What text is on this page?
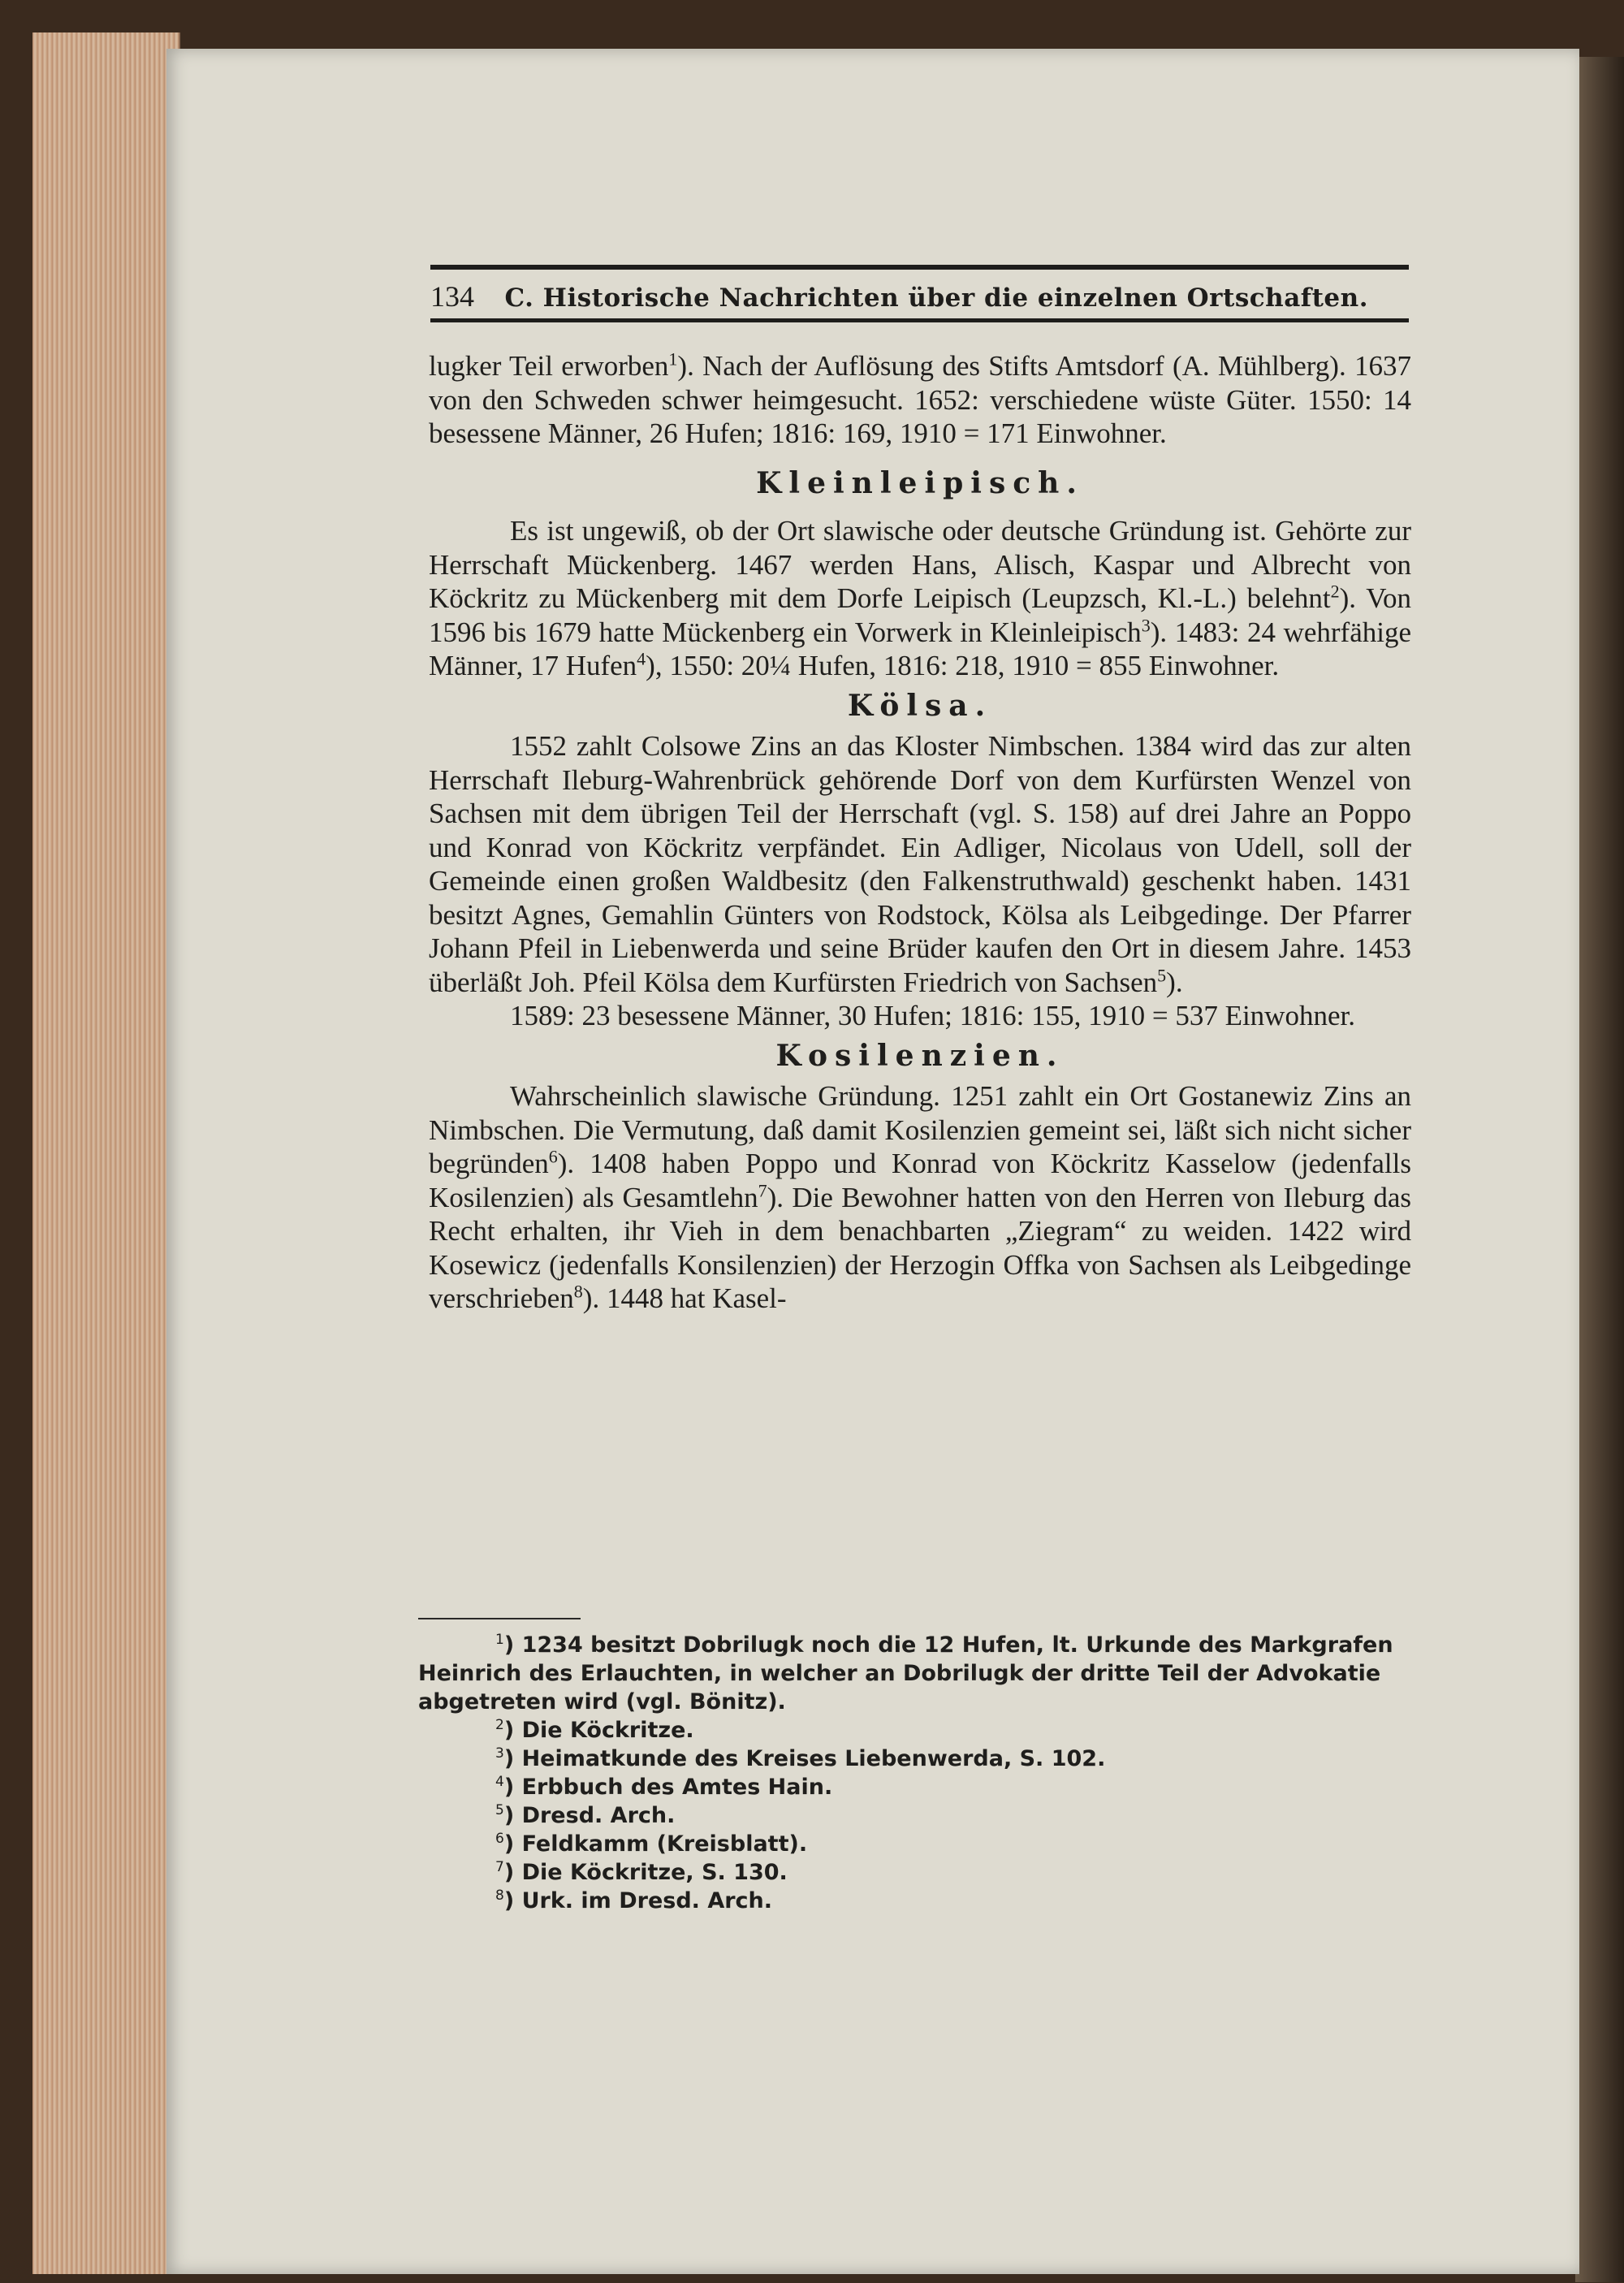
134 C. Historische Nachrichten über die einzelnen Ortschaften.

lugker Teil erworben$^1$). Nach der Auflösung des Stifts Amtsdorf (A. Mühlberg). 1637 von den Schweden schwer heimgesucht. 1652: verschiedene wüste Güter. 1550: 14 besessene Männer, 26 Hufen; 1816: 169, 1910 = 171 Einwohner.

Kleinleipisch.

Es ist ungewiß, ob der Ort slawische oder deutsche Gründung ist. Gehörte zur Herrschaft Mückenberg. 1467 werden Hans, Alisch, Kaspar und Albrecht von Köckritz zu Mückenberg mit dem Dorfe Leipisch (Leupzsch, Kl.-L.) belehnt$^2$). Von 1596 bis 1679 hatte Mückenberg ein Vorwerk in Kleinleipisch$^3$). 1483: 24 wehrfähige Männer, 17 Hufen$^4$), 1550: 20¼ Hufen, 1816: 218, 1910 = 855 Einwohner.

Kölsa.

1552 zahlt Colsowe Zins an das Kloster Nimbschen. 1384 wird das zur alten Herrschaft Ileburg-Wahrenbrück gehörende Dorf von dem Kurfürsten Wenzel von Sachsen mit dem übrigen Teil der Herrschaft (vgl. S. 158) auf drei Jahre an Poppo und Konrad von Köckritz verpfändet. Ein Adliger, Nicolaus von Udell, soll der Gemeinde einen großen Waldbesitz (den Falkenstruthwald) geschenkt haben. 1431 besitzt Agnes, Gemahlin Günters von Rodstock, Kölsa als Leibgedinge. Der Pfarrer Johann Pfeil in Liebenwerda und seine Brüder kaufen den Ort in diesem Jahre. 1453 überläßt Joh. Pfeil Kölsa dem Kurfürsten Friedrich von Sachsen$^5$).

1589: 23 besessene Männer, 30 Hufen; 1816: 155, 1910 = 537 Einwohner.

Kosilenzien.

Wahrscheinlich slawische Gründung. 1251 zahlt ein Ort Gostanewiz Zins an Nimbschen. Die Vermutung, daß damit Kosilenzien gemeint sei, läßt sich nicht sicher begründen$^6$). 1408 haben Poppo und Konrad von Köckritz Kasselow (jedenfalls Kosilenzien) als Gesamtlehn$^7$). Die Bewohner hatten von den Herren von Ileburg das Recht erhalten, ihr Vieh in dem benachbarten „Ziegram“ zu weiden. 1422 wird Kosewicz (jedenfalls Konsilenzien) der Herzogin Offka von Sachsen als Leibgedinge verschrieben$^8$). 1448 hat Kasel-

$^1$) 1234 besitzt Dobrilugk noch die 12 Hufen, lt. Urkunde des Markgrafen Heinrich des Erlauchten, in welcher an Dobrilugk der dritte Teil der Advokatie abgetreten wird (vgl. Bönitz).

$^2$) Die Köckritze.

$^3$) Heimatkunde des Kreises Liebenwerda, S. 102.

$^4$) Erbbuch des Amtes Hain.

$^5$) Dresd. Arch.

$^6$) Feldkamm (Kreisblatt).

$^7$) Die Köckritze, S. 130.

$^8$) Urk. im Dresd. Arch.
